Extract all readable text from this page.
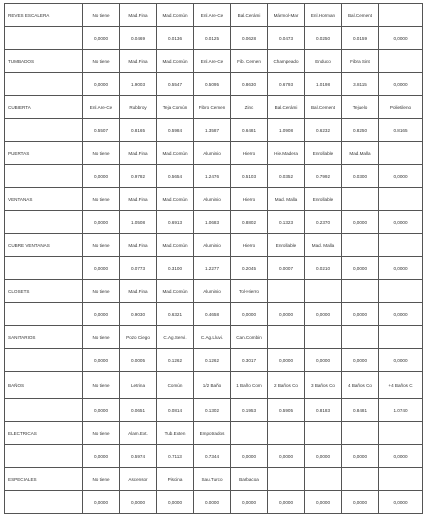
REVES ESCALERA	No tiene	Mad.Fina	Mad.Común	Enl.Are-Ce	Bal.Cerámi	Mármol-Mar	Enl.Horman	Bal.Cement	
	0,0000	0.0469	0.0136	0.0125	0.0628	0.0473	0.0250	0.0159	0,0000
TUMBADOS	No tiene	Mad.Fina	Mad.Común	Enl.Are-Ce	Fib. Cemen	Champeado	Enduco	Fibra Sint	
	0,0000	1.9003	0.5547	0.5095	0.8630	0.6793	1.0198	3.8115	0,0000
CUBIERTA	Enl.Are-Ce	Rubbroy	Teja Común	Fibro Cemen	Zinc	Bal.Cerámi	Bal.Cement	Tejuelo	Polietileno
	0.5507	0.8165	0.5984	1.3587	0.6481	1.0908	0.6232	0.8250	0.8165
PUERTAS	No tiene	Mad.Fina	Mad.Común	Aluminio	Hierro	Hie.Madera	Enrollable	Mad.Malla	
	0,0000	0.9782	0.5654	1.2476	0.5103	0.0352	0.7992	0.0300	0,0000
VENTANAS	No tiene	Mad.Fina	Mad.Común	Aluminio	Hierro	Mad. Malla	Enrollable		
	0,0000	1.0508	0.6913	1.0683	0.8802	0.1323	0.2370	0,0000	0,0000
CUBRE VENTANAS	No tiene	Mad.Fina	Mad.Común	Aluminio	Hierro	Enrollable	Mad. Malla		
	0,0000	0.0773	0.3100	1.2277	0.2045	0.0007	0.0210	0,0000	0,0000
CLOSETS	No tiene	Mad.Fina	Mad.Común	Aluminio	Tol-Hierro				
	0,0000	0.9030	0.6321	0.4658	0,0000	0,0000	0,0000	0,0000	0,0000
SANITARIOS	No tiene	Pozo Ciego	C.Ag.Servi.	C.Ag.Lluvi.	Can.Combin				
	0,0000	0.0005	0.1262	0.1262	0.3017	0,0000	0,0000	0,0000	0,0000
BAÑOS	No tiene	Letrina	Común	1/2 Baño	1 Baño Com	2 Baños Co	3 Baños Co	4 Baños Co	+4 Baños C
	0,0000	0.0651	0.0814	0.1302	0.1953	0.5905	0.8183	0.8481	1.0740
ELECTRICAS	No tiene	Alam.Ext.	Tub.Exten	Empotrados					
	0,0000	0.5974	0.7113	0.7344	0,0000	0,0000	0,0000	0,0000	0,0000
ESPECIALES	No tiene	Ascensor	Piscina	Sau.Turco	Barbacoa				
	0,0000	0,0000	0,0000	0.0000	0,0000	0,0000	0,0000	0,0000	0,0000
